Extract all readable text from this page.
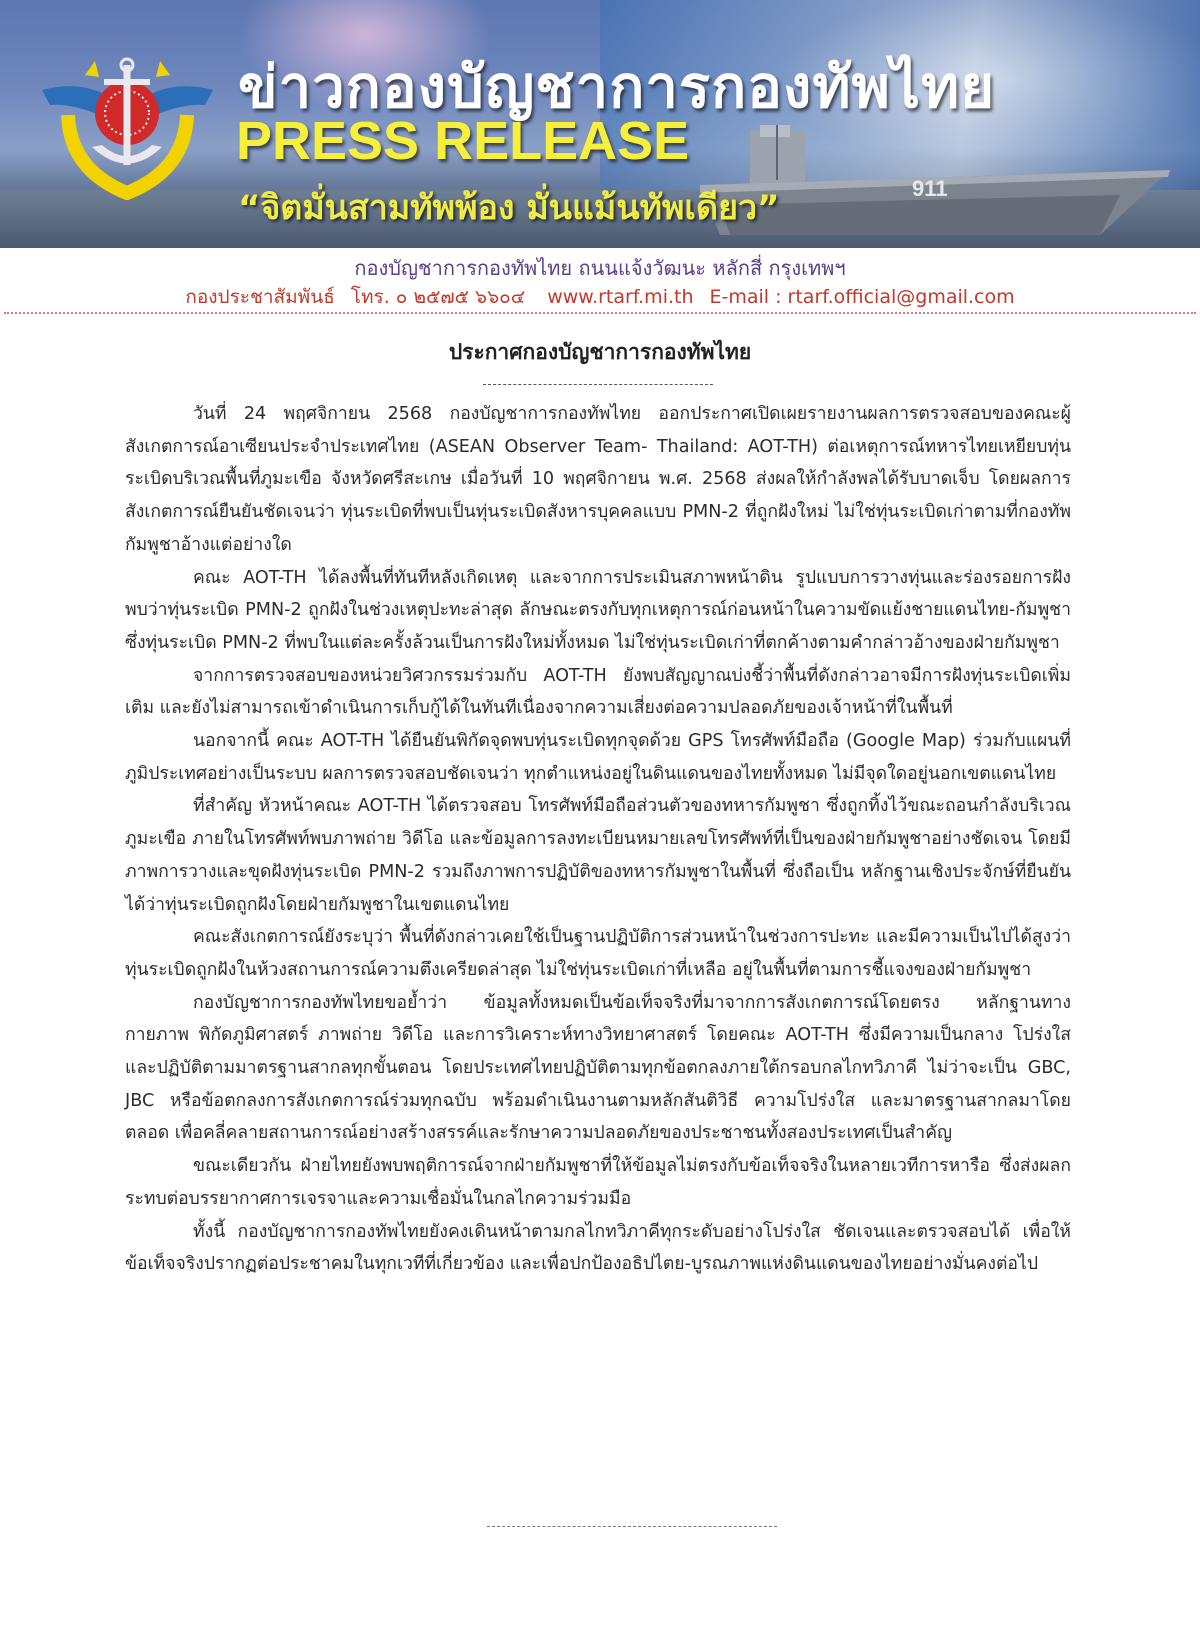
911
ข่าวกองบัญชาการกองทัพไทย
PRESS RELEASE
“จิตมั่นสามทัพพ้อง มั่นแม้นทัพเดียว”
กองบัญชาการกองทัพไทย ถนนแจ้งวัฒนะ หลักสี่ กรุงเทพฯ
กองประชาสัมพันธ์ โทร. ๐ ๒๕๗๕ ๖๖๐๔ www.rtarf.mi.th E-mail : rtarf.official@gmail.com
ประกาศกองบัญชาการกองทัพไทย

วันที่ 24 พฤศจิกายน 2568 กองบัญชาการกองทัพไทย ออกประกาศเปิดเผยรายงานผลการตรวจสอบของคณะผู้สังเกตการณ์อาเซียนประจำประเทศไทย (ASEAN Observer Team- Thailand: AOT-TH) ต่อเหตุการณ์ทหารไทยเหยียบทุ่นระเบิดบริเวณพื้นที่ภูมะเขือ จังหวัดศรีสะเกษ เมื่อวันที่ 10 พฤศจิกายน พ.ศ. 2568 ส่งผลให้กำลังพลได้รับบาดเจ็บ โดยผลการสังเกตการณ์ยืนยันชัดเจนว่า ทุ่นระเบิดที่พบเป็นทุ่นระเบิดสังหารบุคคลแบบ PMN-2 ที่ถูกฝังใหม่ ไม่ใช่ทุ่นระเบิดเก่าตามที่กองทัพกัมพูชาอ้างแต่อย่างใด

คณะ AOT-TH ได้ลงพื้นที่ทันทีหลังเกิดเหตุ และจากการประเมินสภาพหน้าดิน รูปแบบการวางทุ่นและร่องรอยการฝัง พบว่าทุ่นระเบิด PMN-2 ถูกฝังในช่วงเหตุปะทะล่าสุด ลักษณะตรงกับทุกเหตุการณ์ก่อนหน้าในความขัดแย้งชายแดนไทย-กัมพูชา ซึ่งทุ่นระเบิด PMN-2 ที่พบในแต่ละครั้งล้วนเป็นการฝังใหม่ทั้งหมด ไม่ใช่ทุ่นระเบิดเก่าที่ตกค้างตามคำกล่าวอ้างของฝ่ายกัมพูชา

จากการตรวจสอบของหน่วยวิศวกรรมร่วมกับ AOT-TH ยังพบสัญญาณบ่งชี้ว่าพื้นที่ดังกล่าวอาจมีการฝังทุ่นระเบิดเพิ่มเติม และยังไม่สามารถเข้าดำเนินการเก็บกู้ได้ในทันทีเนื่องจากความเสี่ยงต่อความปลอดภัยของเจ้าหน้าที่ในพื้นที่

นอกจากนี้ คณะ AOT-TH ได้ยืนยันพิกัดจุดพบทุ่นระเบิดทุกจุดด้วย GPS โทรศัพท์มือถือ (Google Map) ร่วมกับแผนที่ภูมิประเทศอย่างเป็นระบบ ผลการตรวจสอบชัดเจนว่า ทุกตำแหน่งอยู่ในดินแดนของไทยทั้งหมด ไม่มีจุดใดอยู่นอกเขตแดนไทย

ที่สำคัญ หัวหน้าคณะ AOT-TH ได้ตรวจสอบ โทรศัพท์มือถือส่วนตัวของทหารกัมพูชา ซึ่งถูกทิ้งไว้ขณะถอนกำลังบริเวณภูมะเขือ ภายในโทรศัพท์พบภาพถ่าย วิดีโอ และข้อมูลการลงทะเบียนหมายเลขโทรศัพท์ที่เป็นของฝ่ายกัมพูชาอย่างชัดเจน โดยมีภาพการวางและขุดฝังทุ่นระเบิด PMN-2 รวมถึงภาพการปฏิบัติของทหารกัมพูชาในพื้นที่ ซึ่งถือเป็น หลักฐานเชิงประจักษ์ที่ยืนยันได้ว่าทุ่นระเบิดถูกฝังโดยฝ่ายกัมพูชาในเขตแดนไทย

คณะสังเกตการณ์ยังระบุว่า พื้นที่ดังกล่าวเคยใช้เป็นฐานปฏิบัติการส่วนหน้าในช่วงการปะทะ และมีความเป็นไปได้สูงว่าทุ่นระเบิดถูกฝังในห้วงสถานการณ์ความตึงเครียดล่าสุด ไม่ใช่ทุ่นระเบิดเก่าที่เหลือ อยู่ในพื้นที่ตามการชี้แจงของฝ่ายกัมพูชา

กองบัญชาการกองทัพไทยขอย้ำว่า ข้อมูลทั้งหมดเป็นข้อเท็จจริงที่มาจากการสังเกตการณ์โดยตรง หลักฐานทางกายภาพ พิกัดภูมิศาสตร์ ภาพถ่าย วิดีโอ และการวิเคราะห์ทางวิทยาศาสตร์ โดยคณะ AOT-TH ซึ่งมีความเป็นกลาง โปร่งใส และปฏิบัติตามมาตรฐานสากลทุกขั้นตอน โดยประเทศไทยปฏิบัติตามทุกข้อตกลงภายใต้กรอบกลไกทวิภาคี ไม่ว่าจะเป็น GBC, JBC หรือข้อตกลงการสังเกตการณ์ร่วมทุกฉบับ พร้อมดำเนินงานตามหลักสันติวิธี ความโปร่งใส และมาตรฐานสากลมาโดยตลอด เพื่อคลี่คลายสถานการณ์อย่างสร้างสรรค์และรักษาความปลอดภัยของประชาชนทั้งสองประเทศเป็นสำคัญ

ขณะเดียวกัน ฝ่ายไทยยังพบพฤติการณ์จากฝ่ายกัมพูชาที่ให้ข้อมูลไม่ตรงกับข้อเท็จจริงในหลายเวทีการหารือ ซึ่งส่งผลกระทบต่อบรรยากาศการเจรจาและความเชื่อมั่นในกลไกความร่วมมือ

ทั้งนี้ กองบัญชาการกองทัพไทยยังคงเดินหน้าตามกลไกทวิภาคีทุกระดับอย่างโปร่งใส ชัดเจนและตรวจสอบได้ เพื่อให้ข้อเท็จจริงปรากฏต่อประชาคมในทุกเวทีที่เกี่ยวข้อง และเพื่อปกป้องอธิปไตย-บูรณภาพแห่งดินแดนของไทยอย่างมั่นคงต่อไป
